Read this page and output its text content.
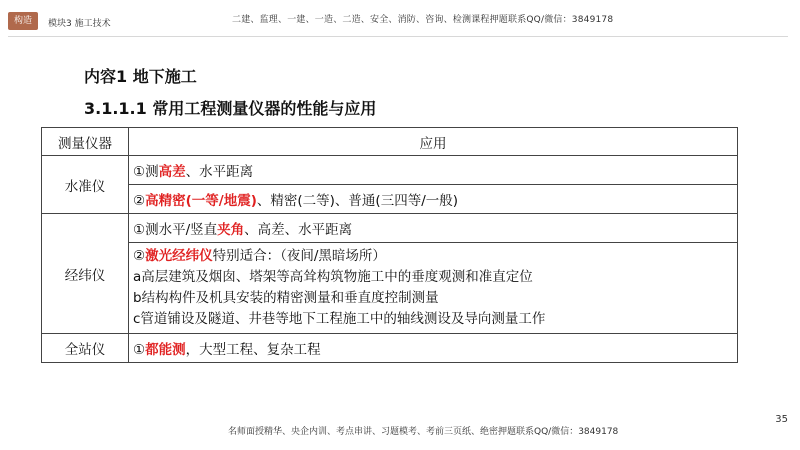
构造	模块3 施工技术	二建、监理、一建、一造、二造、安全、消防、咨询、检测课程押题联系QQ/微信：3849178
内容1 地下施工
3.1.1.1 常用工程测量仪器的性能与应用
测量仪器	应用
水准仪	①测高差、水平距离
	②高精密(一等/地震)、精密(二等)、普通(三四等/一般)
经纬仪	①测水平/竖直夹角、高差、水平距离

	②激光经纬仪特别适合：（夜间/黑暗场所）
a高层建筑及烟囱、塔架等高耸构筑物施工中的垂度观测和准直定位
b结构构件及机具安装的精密测量和垂直度控制测量
c管道铺设及隧道、井巷等地下工程施工中的轴线测设及导向测量工作

全站仪	①都能测，大型工程、复杂工程
35
名师面授精华、央企内训、考点串讲、习题模考、考前三页纸、绝密押题联系QQ/微信：3849178
